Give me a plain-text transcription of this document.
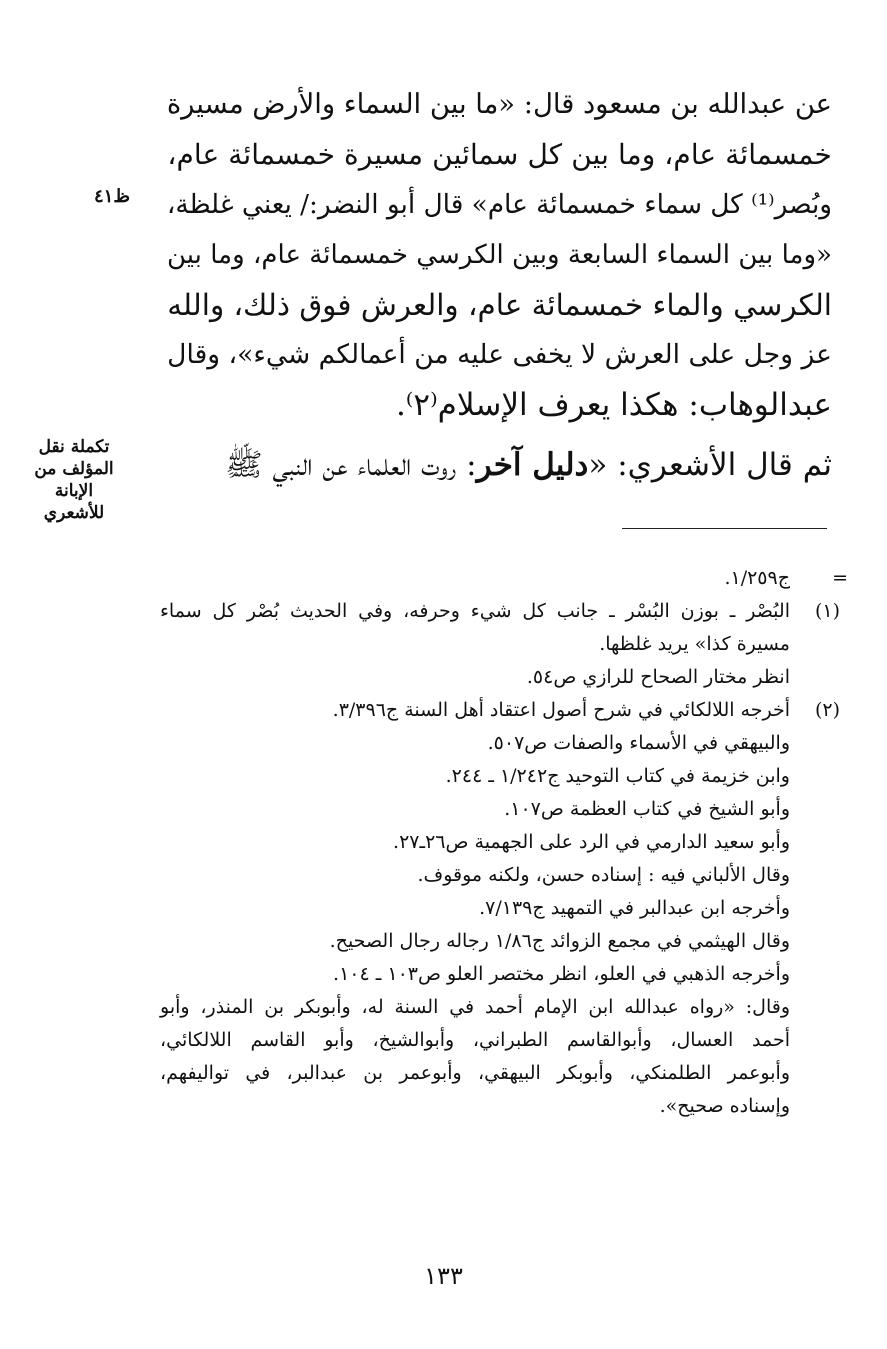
عن عبدالله بن مسعود قال: «ما بين السماء والأرض مسيرة
خمسمائة عام، وما بين كل سمائين مسيرة خمسمائة عام،
وبُصر⁽¹⁾ كل سماء خمسمائة عام» قال أبو النضر:/ يعني غلظة،
«وما بين السماء السابعة وبين الكرسي خمسمائة عام، وما بين
الكرسي والماء خمسمائة عام، والعرش فوق ذلك، والله
عز وجل على العرش لا يخفى عليه من أعمالكم شيء»، وقال
عبدالوهاب: هكذا يعرف الإسلام⁽٢⁾.
ثم قال الأشعري: «دليل آخر: روت العلماء عن النبي ﷺ
ظ٤١
تكملة نقل
المؤلف من
الإبانة
للأشعري
=
ج١/٢٥٩.
(١)
البُصْر ـ بوزن البُسْر ـ جانب كل شيء وحرفه، وفي الحديث بُصْر كل سماء
مسيرة كذا» يريد غلظها.
انظر مختار الصحاح للرازي ص٥٤.
(٢)
أخرجه اللالكائي في شرح أصول اعتقاد أهل السنة ج٣/٣٩٦.
والبيهقي في الأسماء والصفات ص٥٠٧.
وابن خزيمة في كتاب التوحيد ج١/٢٤٢ ـ ٢٤٤.
وأبو الشيخ في كتاب العظمة ص١٠٧.
وأبو سعيد الدارمي في الرد على الجهمية ص٢٦ـ٢٧.
وقال الألباني فيه : إسناده حسن، ولكنه موقوف.
وأخرجه ابن عبدالبر في التمهيد ج٧/١٣٩.
وقال الهيثمي في مجمع الزوائد ج١/٨٦ رجاله رجال الصحيح.
وأخرجه الذهبي في العلو، انظر مختصر العلو ص١٠٣ ـ ١٠٤.
وقال: «رواه عبدالله ابن الإمام أحمد في السنة له، وأبوبكر بن المنذر، وأبو
أحمد العسال، وأبوالقاسم الطبراني، وأبوالشيخ، وأبو القاسم اللالكائي،
وأبوعمر الطلمنكي، وأبوبكر البيهقي، وأبوعمر بن عبدالبر، في تواليفهم،
وإسناده صحيح».
١٣٣
